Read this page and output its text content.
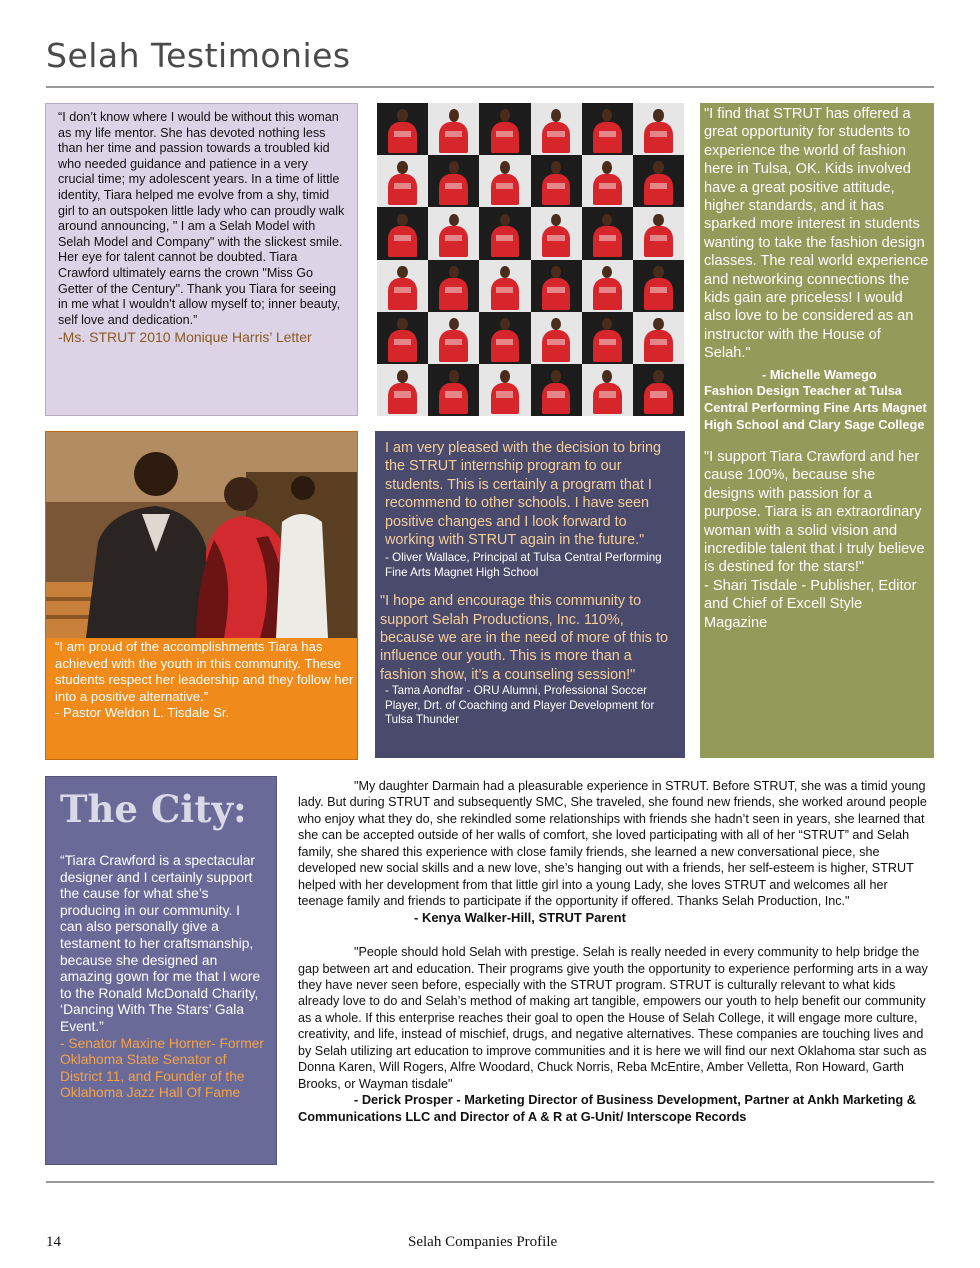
Selah Testimonies
“I don’t know where I would be without this woman as my life mentor. She has devoted nothing less than her time and passion towards a troubled kid who needed guidance and patience in a very crucial time; my adolescent years. In a time of little identity, Tiara helped me evolve from a shy, timid girl to an outspoken little lady who can proudly walk around announcing, " I am a Selah Model with Selah Model and Company" with the slickest smile. Her eye for talent cannot be doubted. Tiara Crawford ultimately earns the crown "Miss Go Getter of the Century". Thank you Tiara for seeing in me what I wouldn't allow myself to; inner beauty, self love and dedication.”
-Ms. STRUT 2010 Monique Harris’ Letter
"I find that STRUT has offered a great opportunity for students to experience the world of fashion here in Tulsa, OK. Kids involved have a great positive attitude, higher standards, and it has sparked more interest in students wanting to take the fashion design classes. The real world experience and networking connections the kids gain are priceless! I would also love to be considered as an instructor with the House of Selah."
- Michelle Wamego
Fashion Design Teacher at Tulsa Central Performing Fine Arts Magnet High School and Clary Sage College
"I support Tiara Crawford and her cause 100%, because she designs with passion for a purpose. Tiara is an extraordinary woman with a solid vision and incredible talent that I truly believe is destined for the stars!"
- Shari Tisdale - Publisher, Editor and Chief of Excell Style Magazine
“I am proud of the accomplishments Tiara has achieved with the youth in this community. These students respect her leadership and they follow her into a positive alternative.”
- Pastor Weldon L. Tisdale Sr.
I am very pleased with the decision to bring the STRUT internship program to our students. This is certainly a program that I recommend to other schools. I have seen positive changes and I look forward to working with STRUT again in the future."
- Oliver Wallace, Principal at Tulsa Central Performing Fine Arts Magnet High School
"I hope and encourage this community to support Selah Productions, Inc. 110%, because we are in the need of more of this to influence our youth. This is more than a fashion show, it’s a counseling session!"
- Tama Aondfar - ORU Alumni, Professional Soccer Player, Drt. of Coaching and Player Development for Tulsa Thunder
The City:
“Tiara Crawford is a spectacular designer and I certainly support the cause for what she’s producing in our community. I can also personally give a testament to her craftsmanship, because she designed an amazing gown for me that I wore to the Ronald McDonald Charity, ‘Dancing With The Stars’ Gala Event.”
- Senator Maxine Horner- Former Oklahoma State Senator of District 11, and Founder of the Oklahoma Jazz Hall Of Fame

"My daughter Darmain had a pleasurable experience in STRUT. Before STRUT, she was a timid young lady. But during STRUT and subsequently SMC, She traveled, she found new friends, she worked around people who enjoy what they do, she rekindled some relationships with friends she hadn’t seen in years, she learned that she can be accepted outside of her walls of comfort, she loved participating with all of her “STRUT” and Selah family, she shared this experience with close family friends, she learned a new conversational piece, she developed new social skills and a new love, she’s hanging out with a friends, her self-esteem is higher, STRUT helped with her development from that little girl into a young Lady, she loves STRUT and welcomes all her teenage family and friends to participate if the opportunity if offered. Thanks Selah Production, Inc."

- Kenya Walker-Hill, STRUT Parent

"People should hold Selah with prestige. Selah is really needed in every community to help bridge the gap between art and education. Their programs give youth the opportunity to experience performing arts in a way they have never seen before, especially with the STRUT program. STRUT is culturally relevant to what kids already love to do and Selah’s method of making art tangible, empowers our youth to help benefit our community as a whole. If this enterprise reaches their goal to open the House of Selah College, it will engage more culture, creativity, and life, instead of mischief, drugs, and negative alternatives. These companies are touching lives and by Selah utilizing art education to improve communities and it is here we will find our next Oklahoma star such as Donna Karen, Will Rogers, Alfre Woodard, Chuck Norris, Reba McEntire, Amber Velletta, Ron Howard, Garth Brooks, or Wayman tisdale"

- Derick Prosper - Marketing Director of Business Development, Partner at Ankh Marketing & Communications LLC and Director of A & R at G-Unit/ Interscope Records

14	Selah Companies Profile
